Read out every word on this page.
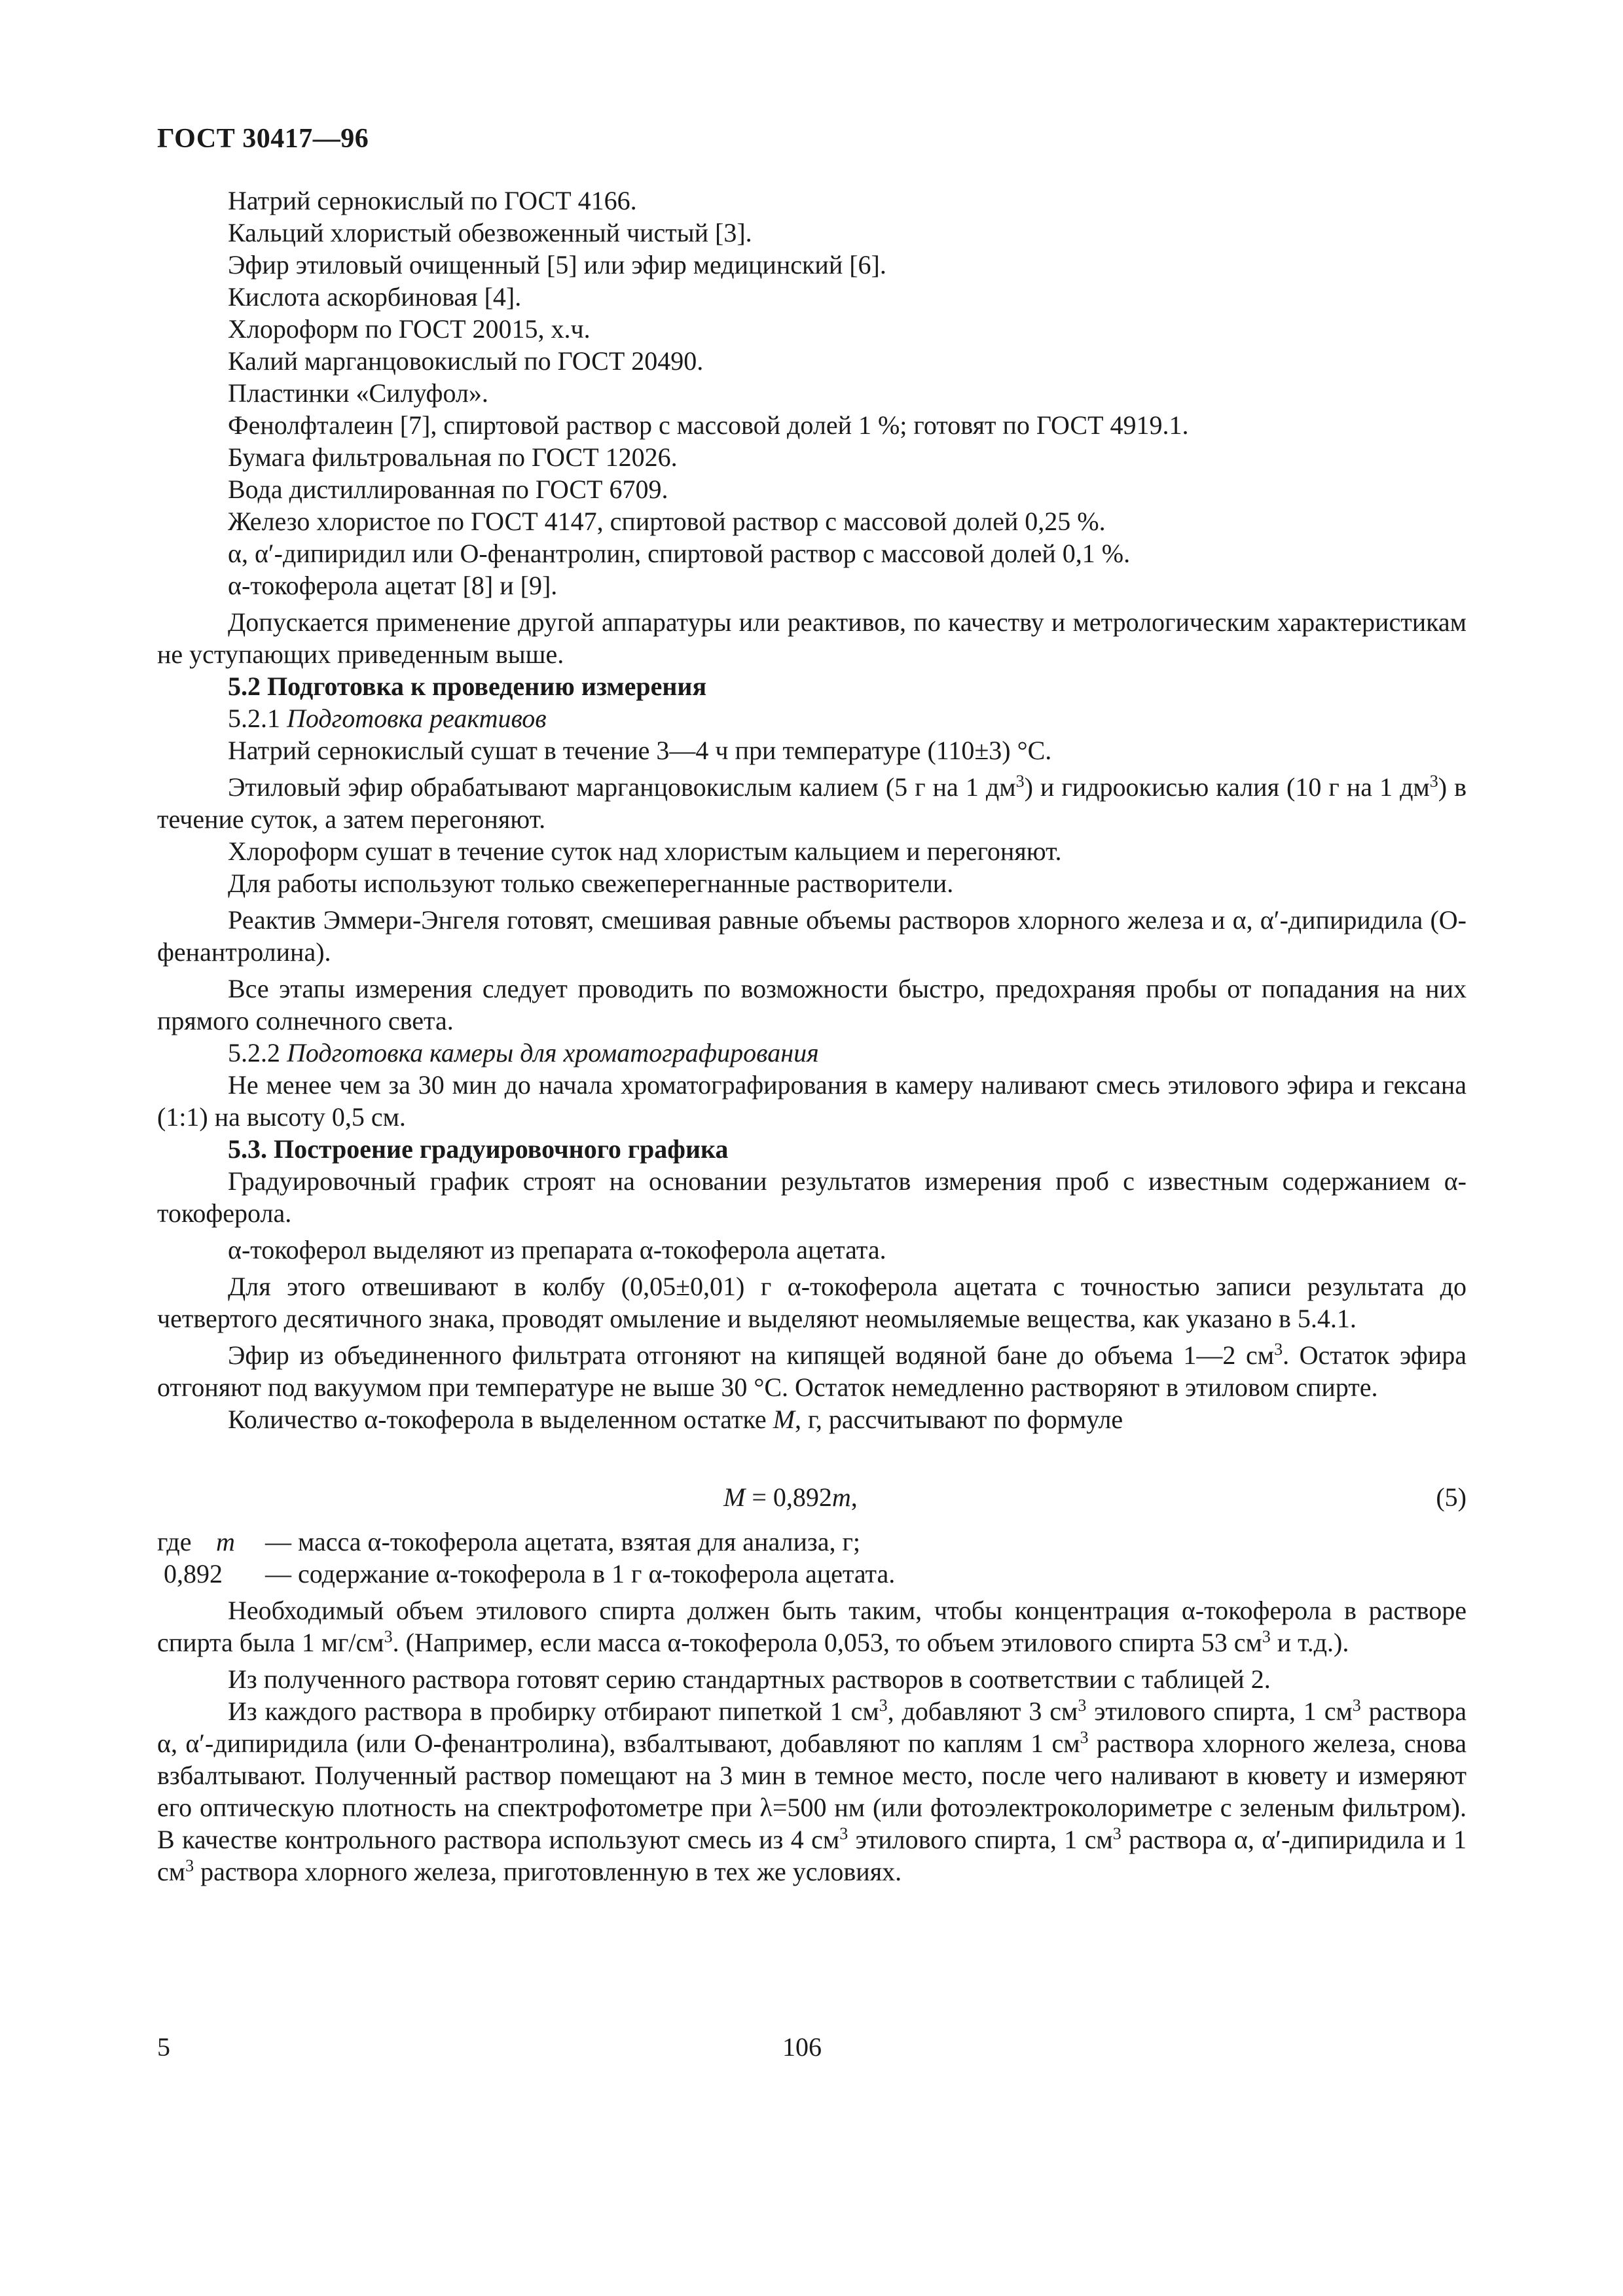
ГОСТ 30417—96

Натрий сернокислый по ГОСТ 4166.

Кальций хлористый обезвоженный чистый [3].

Эфир этиловый очищенный [5] или эфир медицинский [6].

Кислота аскорбиновая [4].

Хлороформ по ГОСТ 20015, х.ч.

Калий марганцовокислый по ГОСТ 20490.

Пластинки «Силуфол».

Фенолфталеин [7], спиртовой раствор с массовой долей 1 %; готовят по ГОСТ 4919.1.

Бумага фильтровальная по ГОСТ 12026.

Вода дистиллированная по ГОСТ 6709.

Железо хлористое по ГОСТ 4147, спиртовой раствор с массовой долей 0,25 %.

α, α′-дипиридил или О-фенантролин, спиртовой раствор с массовой долей 0,1 %.

α-токоферола ацетат [8] и [9].

Допускается применение другой аппаратуры или реактивов, по качеству и метрологическим характеристикам не уступающих приведенным выше.

5.2 Подготовка к проведению измерения

5.2.1 Подготовка реактивов

Натрий сернокислый сушат в течение 3—4 ч при температуре (110±3) °С.

Этиловый эфир обрабатывают марганцовокислым калием (5 г на 1 $дм^3$) и гидроокисью калия (10 г на 1 $дм^3$) в течение суток, а затем перегоняют.

Хлороформ сушат в течение суток над хлористым кальцием и перегоняют.

Для работы используют только свежеперегнанные растворители.

Реактив Эммери-Энгеля готовят, смешивая равные объемы растворов хлорного железа и α, α′-дипиридила (О-фенантролина).

Все этапы измерения следует проводить по возможности быстро, предохраняя пробы от попадания на них прямого солнечного света.

5.2.2 Подготовка камеры для хроматографирования

Не менее чем за 30 мин до начала хроматографирования в камеру наливают смесь этилового эфира и гексана (1:1) на высоту 0,5 см.

5.3. Построение градуировочного графика

Градуировочный график строят на основании результатов измерения проб с известным содержанием α-токоферола.

α-токоферол выделяют из препарата α-токоферола ацетата.

Для этого отвешивают в колбу (0,05±0,01) г α-токоферола ацетата с точностью записи результата до четвертого десятичного знака, проводят омыление и выделяют неомыляемые вещества, как указано в 5.4.1.

Эфир из объединенного фильтрата отгоняют на кипящей водяной бане до объема 1—2 $см^3$. Остаток эфира отгоняют под вакуумом при температуре не выше 30 °С. Остаток немедленно растворяют в этиловом спирте.

Количество α-токоферола в выделенном остатке М, г, рассчитывают по формуле

М = 0,892m,	(5)
где m — масса α-токоферола ацетата, взятая для анализа, г;
0,892 — содержание α-токоферола в 1 г α-токоферола ацетата.

Необходимый объем этилового спирта должен быть таким, чтобы концентрация α-токоферола в растворе спирта была 1 $мг/см^3$. (Например, если масса α-токоферола 0,053, то объем этилового спирта 53 $см^3$ и т.д.).

Из полученного раствора готовят серию стандартных растворов в соответствии с таблицей 2.

Из каждого раствора в пробирку отбирают пипеткой 1 $см^3$, добавляют 3 $см^3$ этилового спирта, 1 $см^3$ раствора α, α′-дипиридила (или О-фенантролина), взбалтывают, добавляют по каплям 1 $см^3$ раствора хлорного железа, снова взбалтывают. Полученный раствор помещают на 3 мин в темное место, после чего наливают в кювету и измеряют его оптическую плотность на спектрофотометре при λ=500 нм (или фотоэлектроколориметре с зеленым фильтром). В качестве контрольного раствора используют смесь из 4 $см^3$ этилового спирта, 1 $см^3$ раствора α, α′-дипиридила и 1 $см^3$ раствора хлорного железа, приготовленную в тех же условиях.

5	106
